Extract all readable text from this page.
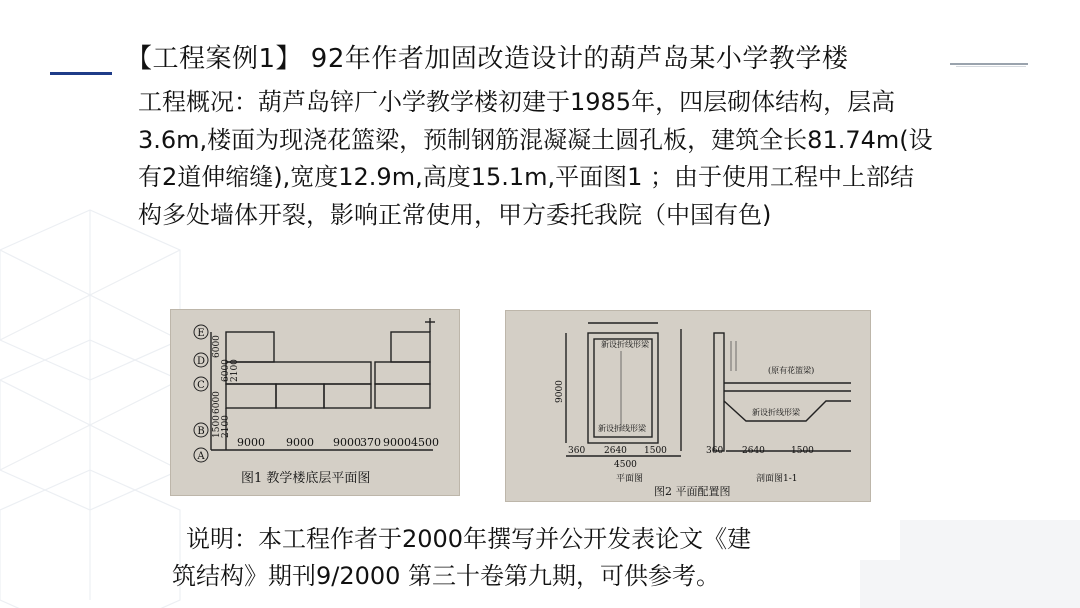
【工程案例1】 92年作者加固改造设计的葫芦岛某小学教学楼

工程概况：葫芦岛锌厂小学教学楼初建于1985年，四层砌体结构，层高3.6m,楼面为现浇花篮梁，预制钢筋混凝凝土圆孔板，建筑全长81.74m(设有2道伸缩缝),宽度12.9m,高度15.1m,平面图1 ；由于使用工程中上部结构多处墙体开裂，影响正常使用，甲方委托我院（中国有色)

E
D
C
B
A
9000 9000 9000 370 9000 4500
6000
6000 2100
6000
1500 2100
图1 教学楼底层平面图
新设折线形梁
新设折线形梁
(原有花篮梁)
新设折线形梁
9000
360 2640 1500
4500
360 2640	1500
平面图	剖面图1-1
图2 平面配置图

说明：本工程作者于2000年撰写并公开发表论文《建

筑结构》期刊9/2000 第三十卷第九期，可供参考。
